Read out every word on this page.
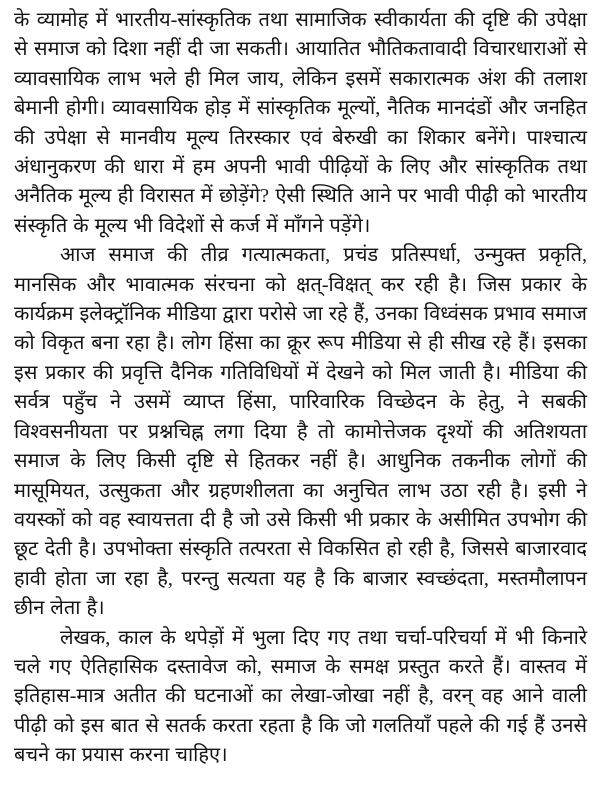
के व्यामोह में भारतीय-सांस्कृतिक तथा सामाजिक स्वीकार्यता की दृष्टि की उपेक्षा से समाज को दिशा नहीं दी जा सकती। आयातित भौतिकतावादी विचारधाराओं से व्यावसायिक लाभ भले ही मिल जाय, लेकिन इसमें सकारात्मक अंश की तलाश बेमानी होगी। व्यावसायिक होड़ में सांस्कृतिक मूल्यों, नैतिक मानदंडों और जनहित की उपेक्षा से मानवीय मूल्य तिरस्कार एवं बेरुखी का शिकार बनेंगे। पाश्चात्य अंधानुकरण की धारा में हम अपनी भावी पीढ़ियों के लिए और सांस्कृतिक तथा अनैतिक मूल्य ही विरासत में छोड़ेंगे? ऐसी स्थिति आने पर भावी पीढ़ी को भारतीय संस्कृति के मूल्य भी विदेशों से कर्ज में माँगने पड़ेंगे।

आज समाज की तीव्र गत्यात्मकता, प्रचंड प्रतिस्पर्धा, उन्मुक्त प्रकृति, मानसिक और भावात्मक संरचना को क्षत्-विक्षत् कर रही है। जिस प्रकार के कार्यक्रम इलेक्ट्रॉनिक मीडिया द्वारा परोसे जा रहे हैं, उनका विध्वंसक प्रभाव समाज को विकृत बना रहा है। लोग हिंसा का क्रूर रूप मीडिया से ही सीख रहे हैं। इसका इस प्रकार की प्रवृत्ति दैनिक गतिविधियों में देखने को मिल जाती है। मीडिया की सर्वत्र पहुँच ने उसमें व्याप्त हिंसा, पारिवारिक विच्छेदन के हेतु, ने सबकी विश्वसनीयता पर प्रश्नचिह्न लगा दिया है तो कामोत्तेजक दृश्यों की अतिशयता समाज के लिए किसी दृष्टि से हितकर नहीं है। आधुनिक तकनीक लोगों की मासूमियत, उत्सुकता और ग्रहणशीलता का अनुचित लाभ उठा रही है। इसी ने वयस्कों को वह स्वायत्तता दी है जो उसे किसी भी प्रकार के असीमित उपभोग की छूट देती है। उपभोक्ता संस्कृति तत्परता से विकसित हो रही है, जिससे बाजारवाद हावी होता जा रहा है, परन्तु सत्यता यह है कि बाजार स्वच्छंदता, मस्तमौलापन छीन लेता है।

लेखक, काल के थपेड़ों में भुला दिए गए तथा चर्चा-परिचर्या में भी किनारे चले गए ऐतिहासिक दस्तावेज को, समाज के समक्ष प्रस्तुत करते हैं। वास्तव में इतिहास-मात्र अतीत की घटनाओं का लेखा-जोखा नहीं है, वरन् वह आने वाली पीढ़ी को इस बात से सतर्क करता रहता है कि जो गलतियाँ पहले की गई हैं उनसे बचने का प्रयास करना चाहिए।
